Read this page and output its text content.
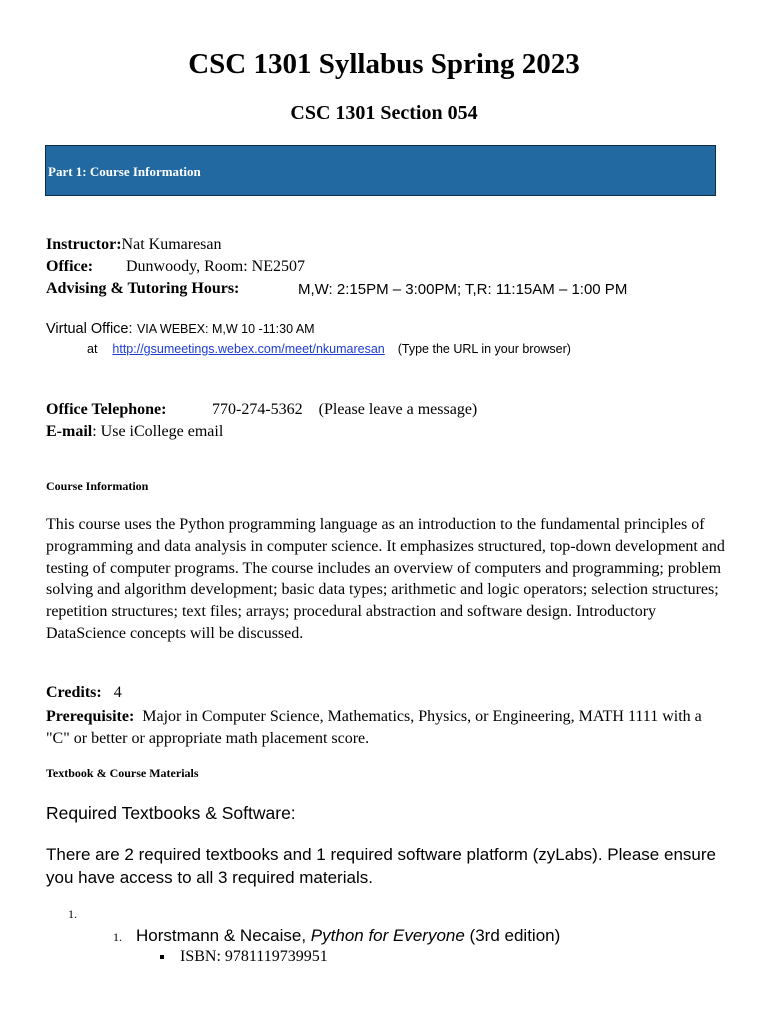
CSC 1301 Syllabus Spring 2023
CSC 1301 Section 054
Part 1: Course Information
Instructor:Nat Kumaresan
Office: Dunwoody, Room: NE2507
Advising & Tutoring Hours:	M,W: 2:15PM – 3:00PM; T,R: 11:15AM – 1:00 PM
Virtual Office: VIA WEBEX: M,W 10 -11:30 AM
at http://gsumeetings.webex.com/meet/nkumaresan (Type the URL in your browser)
Office Telephone:	770-274-5362 (Please leave a message)
E-mail: Use iCollege email
Course Information
This course uses the Python programming language as an introduction to the fundamental principles of programming and data analysis in computer science. It emphasizes structured, top-down development and testing of computer programs. The course includes an overview of computers and programming; problem solving and algorithm development; basic data types; arithmetic and logic operators; selection structures; repetition structures; text files; arrays; procedural abstraction and software design. Introductory DataScience concepts will be discussed.
Credits: 4
Prerequisite: Major in Computer Science, Mathematics, Physics, or Engineering, MATH 1111 with a "C" or better or appropriate math placement score.
Textbook & Course Materials
Required Textbooks & Software:
There are 2 required textbooks and 1 required software platform (zyLabs). Please ensure you have access to all 3 required materials.
1.
1. Horstmann & Necaise, Python for Everyone (3rd edition)
ISBN: 9781119739951
